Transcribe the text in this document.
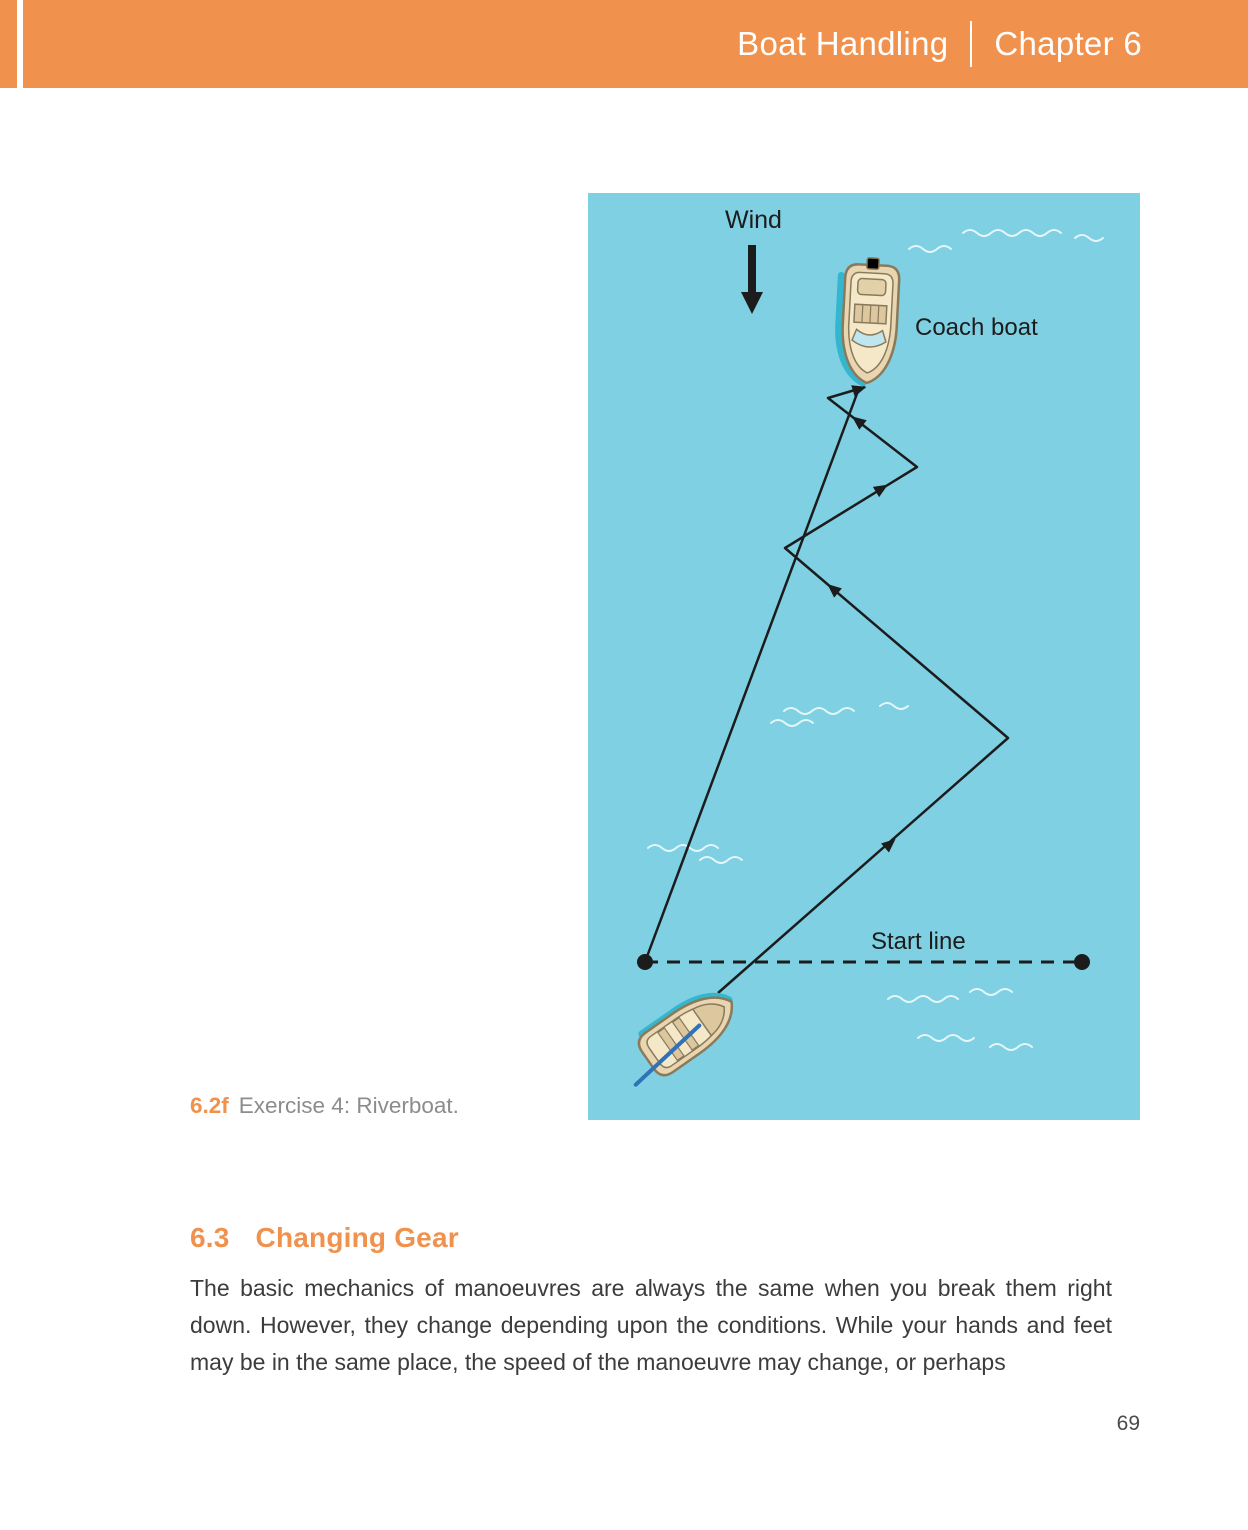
Boat Handling Chapter 6
Wind
Start line
Coach boat

6.2f Exercise 4: Riverboat.

6.3 Changing Gear

The basic mechanics of manoeuvres are always the same when you break them right down. However, they change depending upon the conditions. While your hands and feet may be in the same place, the speed of the manoeuvre may change, or perhaps

69
